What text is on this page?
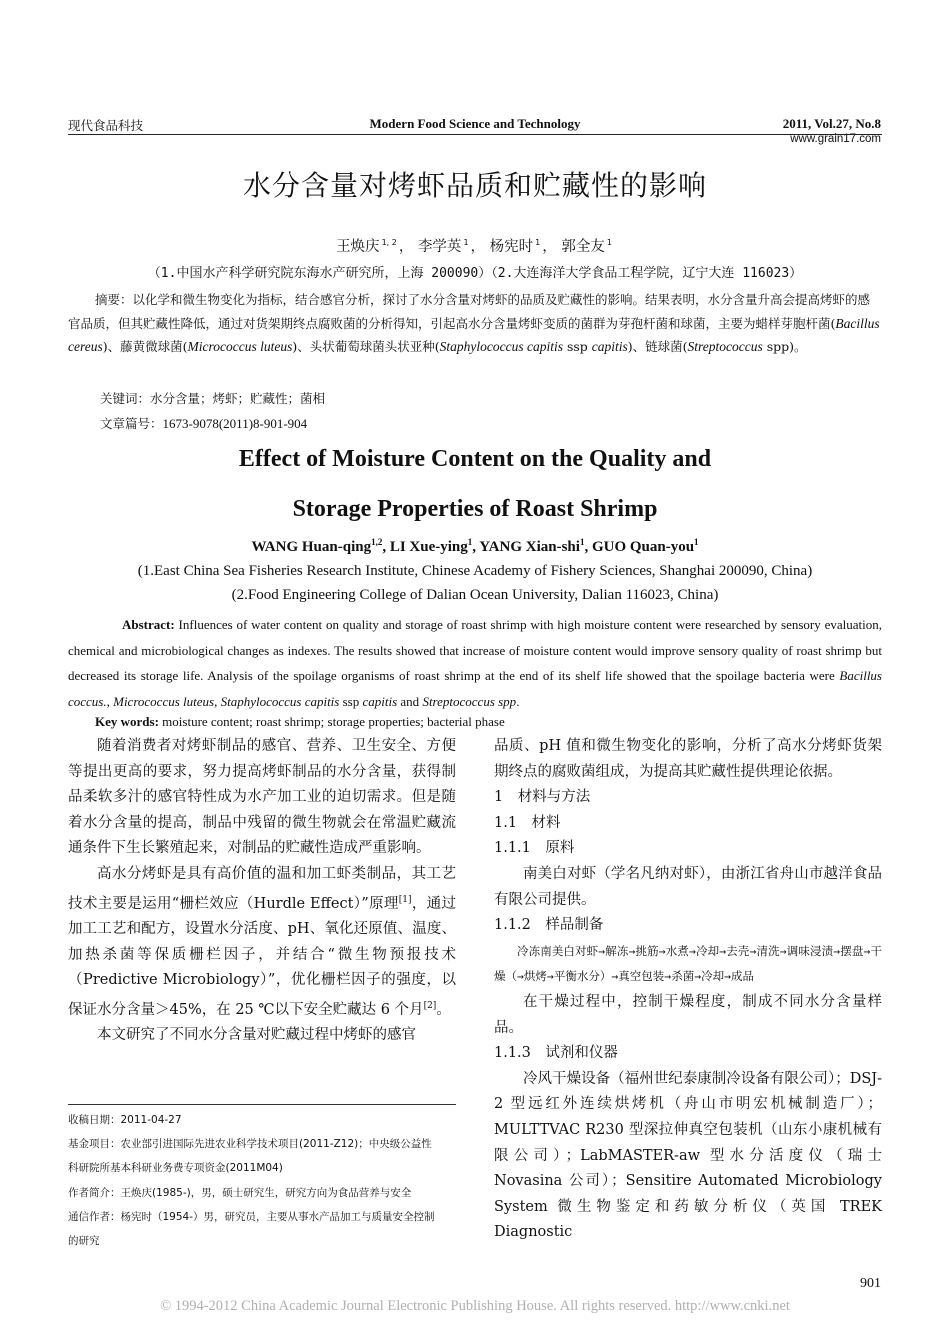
现代食品科技	Modern Food Science and Technology	2011, Vol.27, No.8
www.grain17.com
水分含量对烤虾品质和贮藏性的影响
王焕庆 $^{1, 2}$ ， 李学英 $^1$ ， 杨宪时 $^1$ ， 郭全友 $^1$
（1.中国水产科学研究院东海水产研究所，上海 200090）（2.大连海洋大学食品工程学院，辽宁大连 116023）
摘要：以化学和微生物变化为指标，结合感官分析，探讨了水分含量对烤虾的品质及贮藏性的影响。结果表明，水分含量升高会提高烤虾的感官品质，但其贮藏性降低，通过对货架期终点腐败菌的分析得知，引起高水分含量烤虾变质的菌群为芽孢杆菌和球菌，主要为蜡样芽胞杆菌(Bacillus cereus)、藤黄微球菌(Micrococcus luteus)、头状葡萄球菌头状亚种(Staphylococcus capitis ssp capitis)、链球菌(Streptococcus spp)。
关键词：水分含量；烤虾；贮藏性；菌相
文章篇号：1673-9078(2011)8-901-904
Effect of Moisture Content on the Quality and
Storage Properties of Roast Shrimp
WANG Huan-qing$^{1,2}$, LI Xue-ying$^1$, YANG Xian-shi$^1$, GUO Quan-you$^1$
(1.East China Sea Fisheries Research Institute, Chinese Academy of Fishery Sciences, Shanghai 200090, China)
(2.Food Engineering College of Dalian Ocean University, Dalian 116023, China)
Abstract: Influences of water content on quality and storage of roast shrimp with high moisture content were researched by sensory evaluation, chemical and microbiological changes as indexes. The results showed that increase of moisture content would improve sensory quality of roast shrimp but decreased its storage life. Analysis of the spoilage organisms of roast shrimp at the end of its shelf life showed that the spoilage bacteria were Bacillus coccus., Micrococcus luteus, Staphylococcus capitis ssp capitis and Streptococcus spp.
Key words: moisture content; roast shrimp; storage properties; bacterial phase

随着消费者对烤虾制品的感官、营养、卫生安全、方便等提出更高的要求，努力提高烤虾制品的水分含量，获得制品柔软多汁的感官特性成为水产加工业的迫切需求。但是随着水分含量的提高，制品中残留的微生物就会在常温贮藏流通条件下生长繁殖起来，对制品的贮藏性造成严重影响。

高水分烤虾是具有高价值的温和加工虾类制品，其工艺技术主要是运用“栅栏效应（Hurdle Effect）”原理[1]，通过加工工艺和配方，设置水分活度、pH、氧化还原值、温度、加热杀菌等保质栅栏因子，并结合“微生物预报技术（Predictive Microbiology）”，优化栅栏因子的强度，以保证水分含量＞45%，在 25 ℃以下安全贮藏达 6 个月[2]。

本文研究了不同水分含量对贮藏过程中烤虾的感官

收稿日期：2011-04-27
基金项目：农业部引进国际先进农业科学技术项目(2011-Z12)；中央级公益性
科研院所基本科研业务费专项资金(2011M04)
作者简介：王焕庆(1985-)，男，硕士研究生，研究方向为食品营养与安全
通信作者：杨宪时（1954-）男，研究员，主要从事水产品加工与质量安全控制
的研究

品质、pH 值和微生物变化的影响，分析了高水分烤虾货架期终点的腐败菌组成，为提高其贮藏性提供理论依据。

1　材料与方法

1.1　材料

1.1.1　原料

南美白对虾（学名凡纳对虾），由浙江省舟山市越洋食品有限公司提供。

1.1.2　样品制备

冷冻南美白对虾→解冻→挑筋→水煮→冷却→去壳→清洗→调味浸渍→摆盘→干燥（→烘烤→平衡水分）→真空包装→杀菌→冷却→成品

在干燥过程中，控制干燥程度，制成不同水分含量样品。

1.1.3　试剂和仪器

冷风干燥设备（福州世纪泰康制冷设备有限公司）；DSJ-2 型远红外连续烘烤机（舟山市明宏机械制造厂）；MULTTVAC R230 型深拉伸真空包装机（山东小康机械有限公司）；LabMASTER-aw 型水分活度仪（瑞士 Novasina 公司）；Sensitire Automated Microbiology System 微生物鉴定和药敏分析仪（英国 TREK Diagnostic

901
© 1994-2012 China Academic Journal Electronic Publishing House. All rights reserved. http://www.cnki.net
